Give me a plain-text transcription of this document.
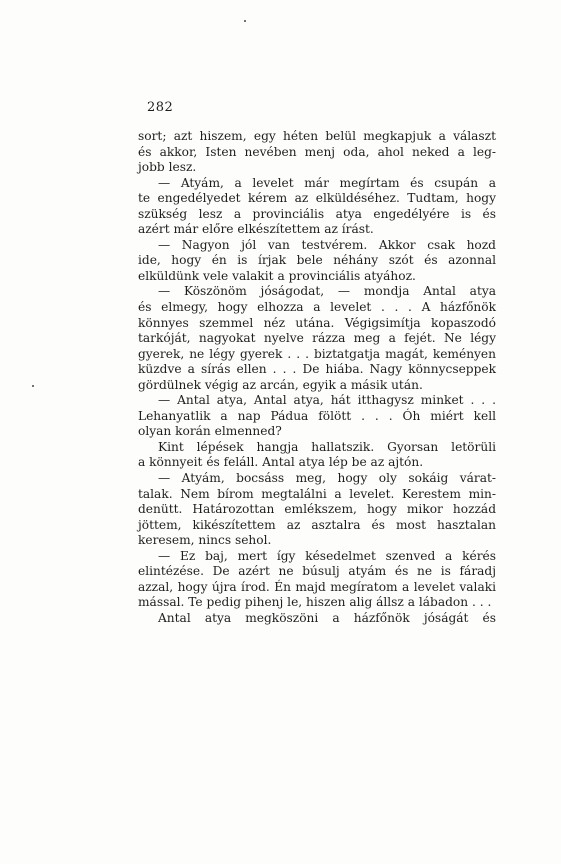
282
sort; azt hiszem, egy héten belül megkapjuk a választ
és akkor, Isten nevében menj oda, ahol neked a leg-
jobb lesz.
— Atyám, a levelet már megírtam és csupán a
te engedélyedet kérem az elküldéséhez. Tudtam, hogy
szükség lesz a provinciális atya engedélyére is és
azért már előre elkészítettem az írást.
— Nagyon jól van testvérem. Akkor csak hozd
ide, hogy én is írjak bele néhány szót és azonnal
elküldünk vele valakit a provinciális atyához.
— Köszönöm jóságodat, — mondja Antal atya
és elmegy, hogy elhozza a levelet . . . A házfőnök
könnyes szemmel néz utána. Végigsimítja kopaszodó
tarkóját, nagyokat nyelve rázza meg a fejét. Ne légy
gyerek, ne légy gyerek . . . biztatgatja magát, keményen
küzdve a sírás ellen . . . De hiába. Nagy könnycseppek
gördülnek végig az arcán, egyik a másik után.
— Antal atya, Antal atya, hát itthagysz minket . . .
Lehanyatlik a nap Pádua fölött . . . Óh miért kell
olyan korán elmenned?
Kint lépések hangja hallatszik. Gyorsan letörüli
a könnyeit és feláll. Antal atya lép be az ajtón.
— Atyám, bocsáss meg, hogy oly sokáig várat-
talak. Nem bírom megtalálni a levelet. Kerestem min-
denütt. Határozottan emlékszem, hogy mikor hozzád
jöttem, kikészítettem az asztalra és most hasztalan
keresem, nincs sehol.
— Ez baj, mert így késedelmet szenved a kérés
elintézése. De azért ne búsulj atyám és ne is fáradj
azzal, hogy újra írod. Én majd megíratom a levelet valaki
mással. Te pedig pihenj le, hiszen alig állsz a lábadon . . .
Antal atya megköszöni a házfőnök jóságát és
